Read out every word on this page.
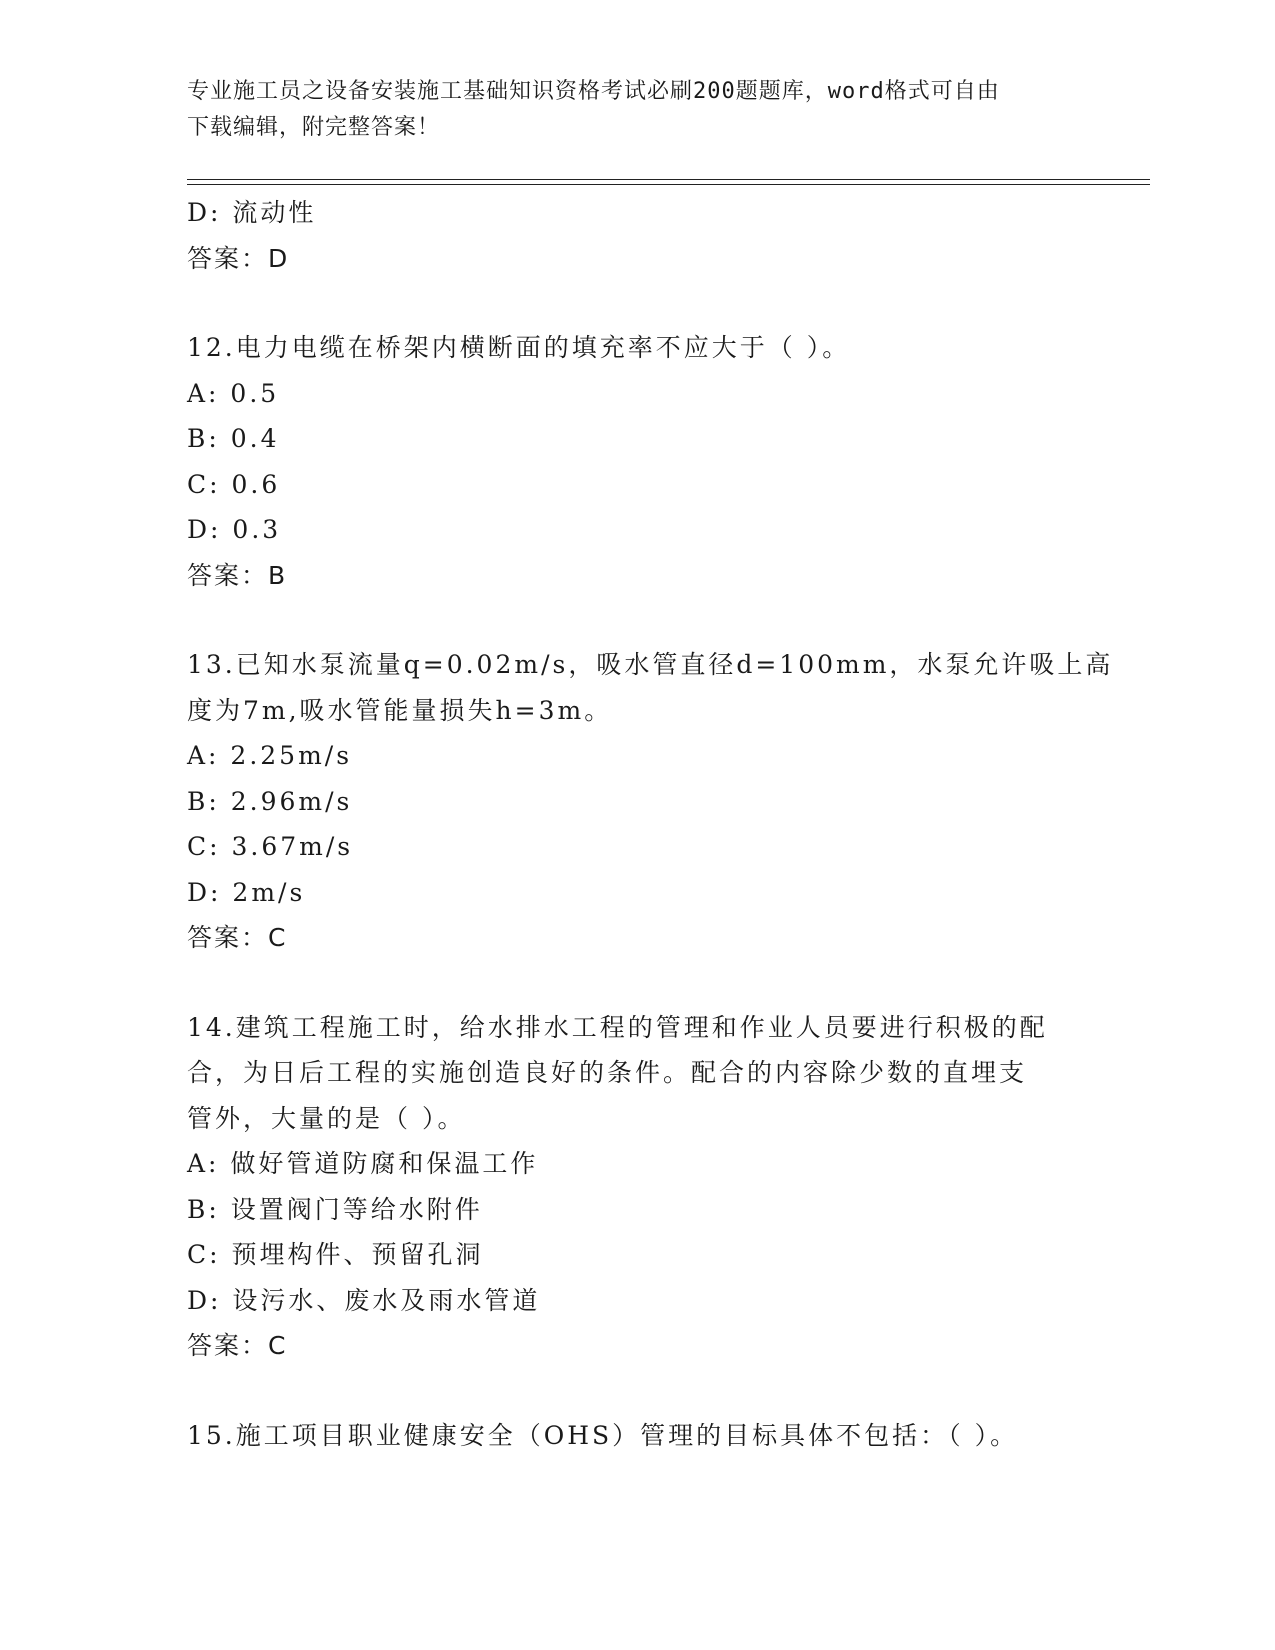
专业施工员之设备安装施工基础知识资格考试必刷200题题库，word格式可自由
下载编辑，附完整答案！

D: 流动性

答案：D

12.电力电缆在桥架内横断面的填充率不应大于（ ）。

A: 0.5

B: 0.4

C: 0.6

D: 0.3

答案：B

13.已知水泵流量q=0.02m/s，吸水管直径d=100mm，水泵允许吸上高

度为7m,吸水管能量损失h=3m。

A: 2.25m/s

B: 2.96m/s

C: 3.67m/s

D: 2m/s

答案：C

14.建筑工程施工时，给水排水工程的管理和作业人员要进行积极的配

合，为日后工程的实施创造良好的条件。配合的内容除少数的直埋支

管外，大量的是（ ）。

A: 做好管道防腐和保温工作

B: 设置阀门等给水附件

C: 预埋构件、预留孔洞

D: 设污水、废水及雨水管道

答案：C

15.施工项目职业健康安全（OHS）管理的目标具体不包括：（ ）。
